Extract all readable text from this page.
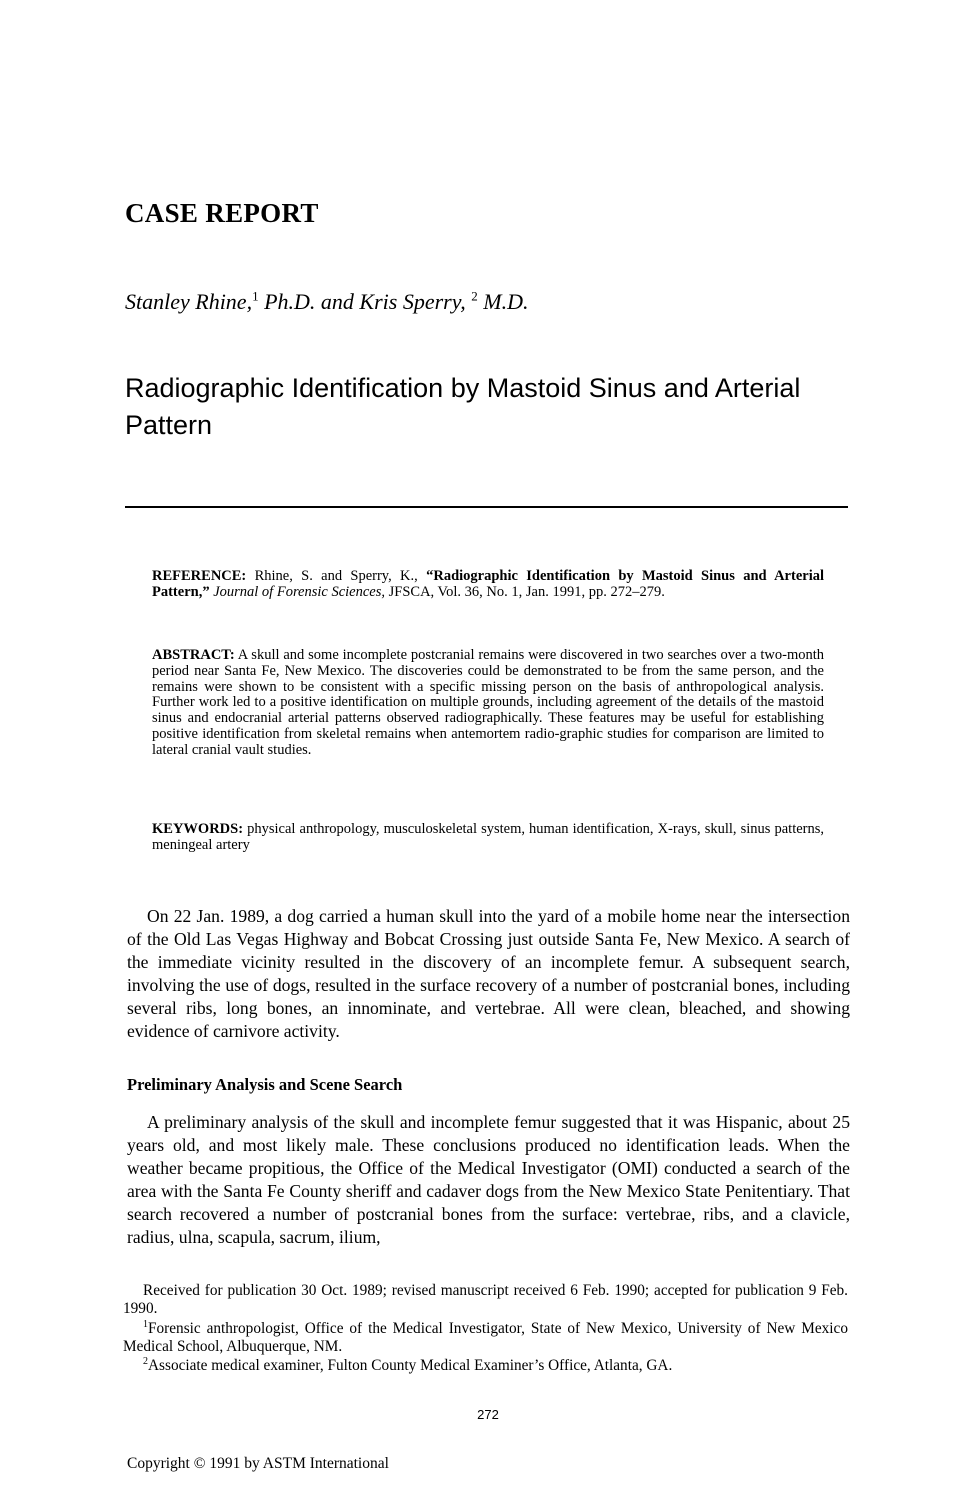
CASE REPORT
Stanley Rhine,$^1$ Ph.D. and Kris Sperry, $^2$ M.D.
Radiographic Identification by Mastoid Sinus and Arterial Pattern
REFERENCE: Rhine, S. and Sperry, K., “Radiographic Identification by Mastoid Sinus and Arterial Pattern,” Journal of Forensic Sciences, JFSCA, Vol. 36, No. 1, Jan. 1991, pp. 272–279.
ABSTRACT: A skull and some incomplete postcranial remains were discovered in two searches over a two-month period near Santa Fe, New Mexico. The discoveries could be demonstrated to be from the same person, and the remains were shown to be consistent with a specific missing person on the basis of anthropological analysis. Further work led to a positive identification on multiple grounds, including agreement of the details of the mastoid sinus and endocranial arterial patterns observed radiographically. These features may be useful for establishing positive identification from skeletal remains when antemortem radio-graphic studies for comparison are limited to lateral cranial vault studies.
KEYWORDS: physical anthropology, musculoskeletal system, human identification, X-rays, skull, sinus patterns, meningeal artery
On 22 Jan. 1989, a dog carried a human skull into the yard of a mobile home near the intersection of the Old Las Vegas Highway and Bobcat Crossing just outside Santa Fe, New Mexico. A search of the immediate vicinity resulted in the discovery of an incomplete femur. A subsequent search, involving the use of dogs, resulted in the surface recovery of a number of postcranial bones, including several ribs, long bones, an innominate, and vertebrae. All were clean, bleached, and showing evidence of carnivore activity.
Preliminary Analysis and Scene Search
A preliminary analysis of the skull and incomplete femur suggested that it was Hispanic, about 25 years old, and most likely male. These conclusions produced no identification leads. When the weather became propitious, the Office of the Medical Investigator (OMI) conducted a search of the area with the Santa Fe County sheriff and cadaver dogs from the New Mexico State Penitentiary. That search recovered a number of postcranial bones from the surface: vertebrae, ribs, and a clavicle, radius, ulna, scapula, sacrum, ilium,
Received for publication 30 Oct. 1989; revised manuscript received 6 Feb. 1990; accepted for publication 9 Feb. 1990.
$^1$Forensic anthropologist, Office of the Medical Investigator, State of New Mexico, University of New Mexico Medical School, Albuquerque, NM.
$^2$Associate medical examiner, Fulton County Medical Examiner’s Office, Atlanta, GA.
272
Copyright © 1991 by ASTM International
